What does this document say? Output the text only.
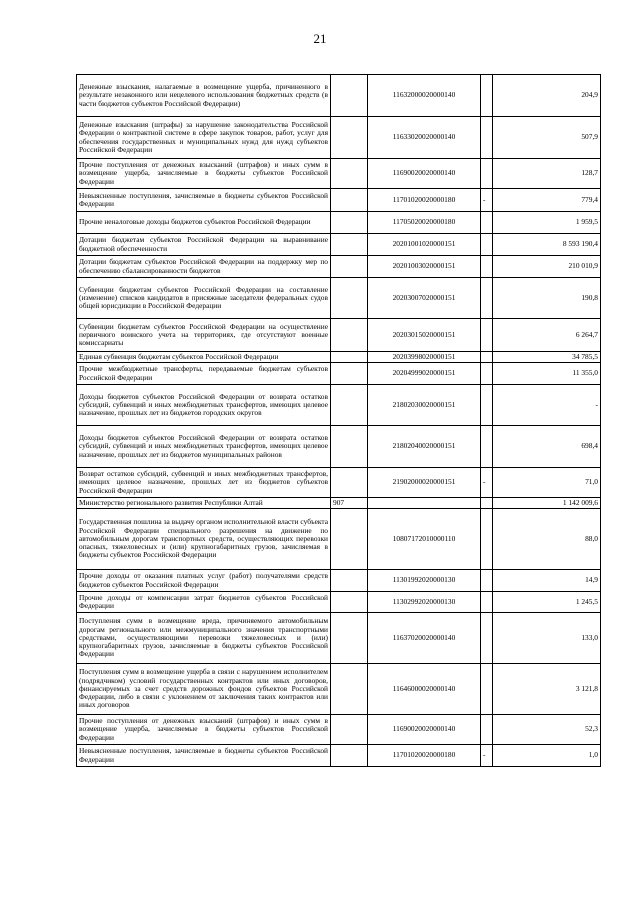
21
Денежные взыскания, налагаемые в возмещение ущерба, причиненного в результате незаконного или нецелевого использования бюджетных средств (в части бюджетов субъектов Российской Федерации)		11632000020000140		204,9
Денежные взыскания (штрафы) за нарушение законодательства Российской Федерации о контрактной системе в сфере закупок товаров, работ, услуг для обеспечения государственных и муниципальных нужд для нужд субъектов Российской Федерации		11633020020000140		507,9
Прочие поступления от денежных взысканий (штрафов) и иных сумм в возмещение ущерба, зачисляемые в бюджеты субъектов Российской Федерации		11690020020000140		128,7
Невыясненные поступления, зачисляемые в бюджеты субъектов Российской Федерации		11701020020000180	-	779,4
Прочие неналоговые доходы бюджетов субъектов Российской Федерации		11705020020000180		1 959,5
Дотации бюджетам субъектов Российской Федерации на выравнивание бюджетной обеспеченности		20201001020000151		8 593 190,4
Дотации бюджетам субъектов Российской Федерации на поддержку мер по обеспечению сбалансированности бюджетов		20201003020000151		210 010,9
Субвенции бюджетам субъектов Российской Федерации на составление (изменение) списков кандидатов в присяжные заседатели федеральных судов общей юрисдикции в Российской Федерации		20203007020000151		190,8
Субвенции бюджетам субъектов Российской Федерации на осуществление первичного воинского учета на территориях, где отсутствуют военные комиссариаты		20203015020000151		6 264,7
Единая субвенция бюджетам субъектов Российской Федерации		20203998020000151		34 785,5
Прочие межбюджетные трансферты, передаваемые бюджетам субъектов Российской Федерации		20204999020000151		11 355,0
Доходы бюджетов субъектов Российской Федерации от возврата остатков субсидий, субвенций и иных межбюджетных трансфертов, имеющих целевое назначение, прошлых лет из бюджетов городских округов		21802030020000151		-
Доходы бюджетов субъектов Российской Федерации от возврата остатков субсидий, субвенций и иных межбюджетных трансфертов, имеющих целевое назначение, прошлых лет из бюджетов муниципальных районов		21802040020000151		698,4
Возврат остатков субсидий, субвенций и иных межбюджетных трансфертов, имеющих целевое назначение, прошлых лет из бюджетов субъектов Российской Федерации		21902000020000151	-	71,0
Министерство регионального развития Республики Алтай	907			1 142 009,6
Государственная пошлина за выдачу органом исполнительной власти субъекта Российской Федерации специального разрешения на движение по автомобильным дорогам транспортных средств, осуществляющих перевозки опасных, тяжеловесных и (или) крупногабаритных грузов, зачисляемая в бюджеты субъектов Российской Федерации		10807172010000110		88,0
Прочие доходы от оказания платных услуг (работ) получателями средств бюджетов субъектов Российской Федерации		11301992020000130		14,9
Прочие доходы от компенсации затрат бюджетов субъектов Российской Федерации		11302992020000130		1 245,5
Поступления сумм в возмещение вреда, причиняемого автомобильным дорогам регионального или межмуниципального значения транспортными средствами, осуществляющими перевозки тяжеловесных и (или) крупногабаритных грузов, зачисляемые в бюджеты субъектов Российской Федерации		11637020020000140		133,0
Поступления сумм в возмещение ущерба в связи с нарушением исполнителем (подрядчиком) условий государственных контрактов или иных договоров, финансируемых за счет средств дорожных фондов субъектов Российской Федерации, либо в связи с уклонением от заключения таких контрактов или иных договоров		11646000020000140		3 121,8
Прочие поступления от денежных взысканий (штрафов) и иных сумм в возмещение ущерба, зачисляемые в бюджеты субъектов Российской Федерации		11690020020000140		52,3
Невыясненные поступления, зачисляемые в бюджеты субъектов Российской Федерации		11701020020000180	-	1,0
